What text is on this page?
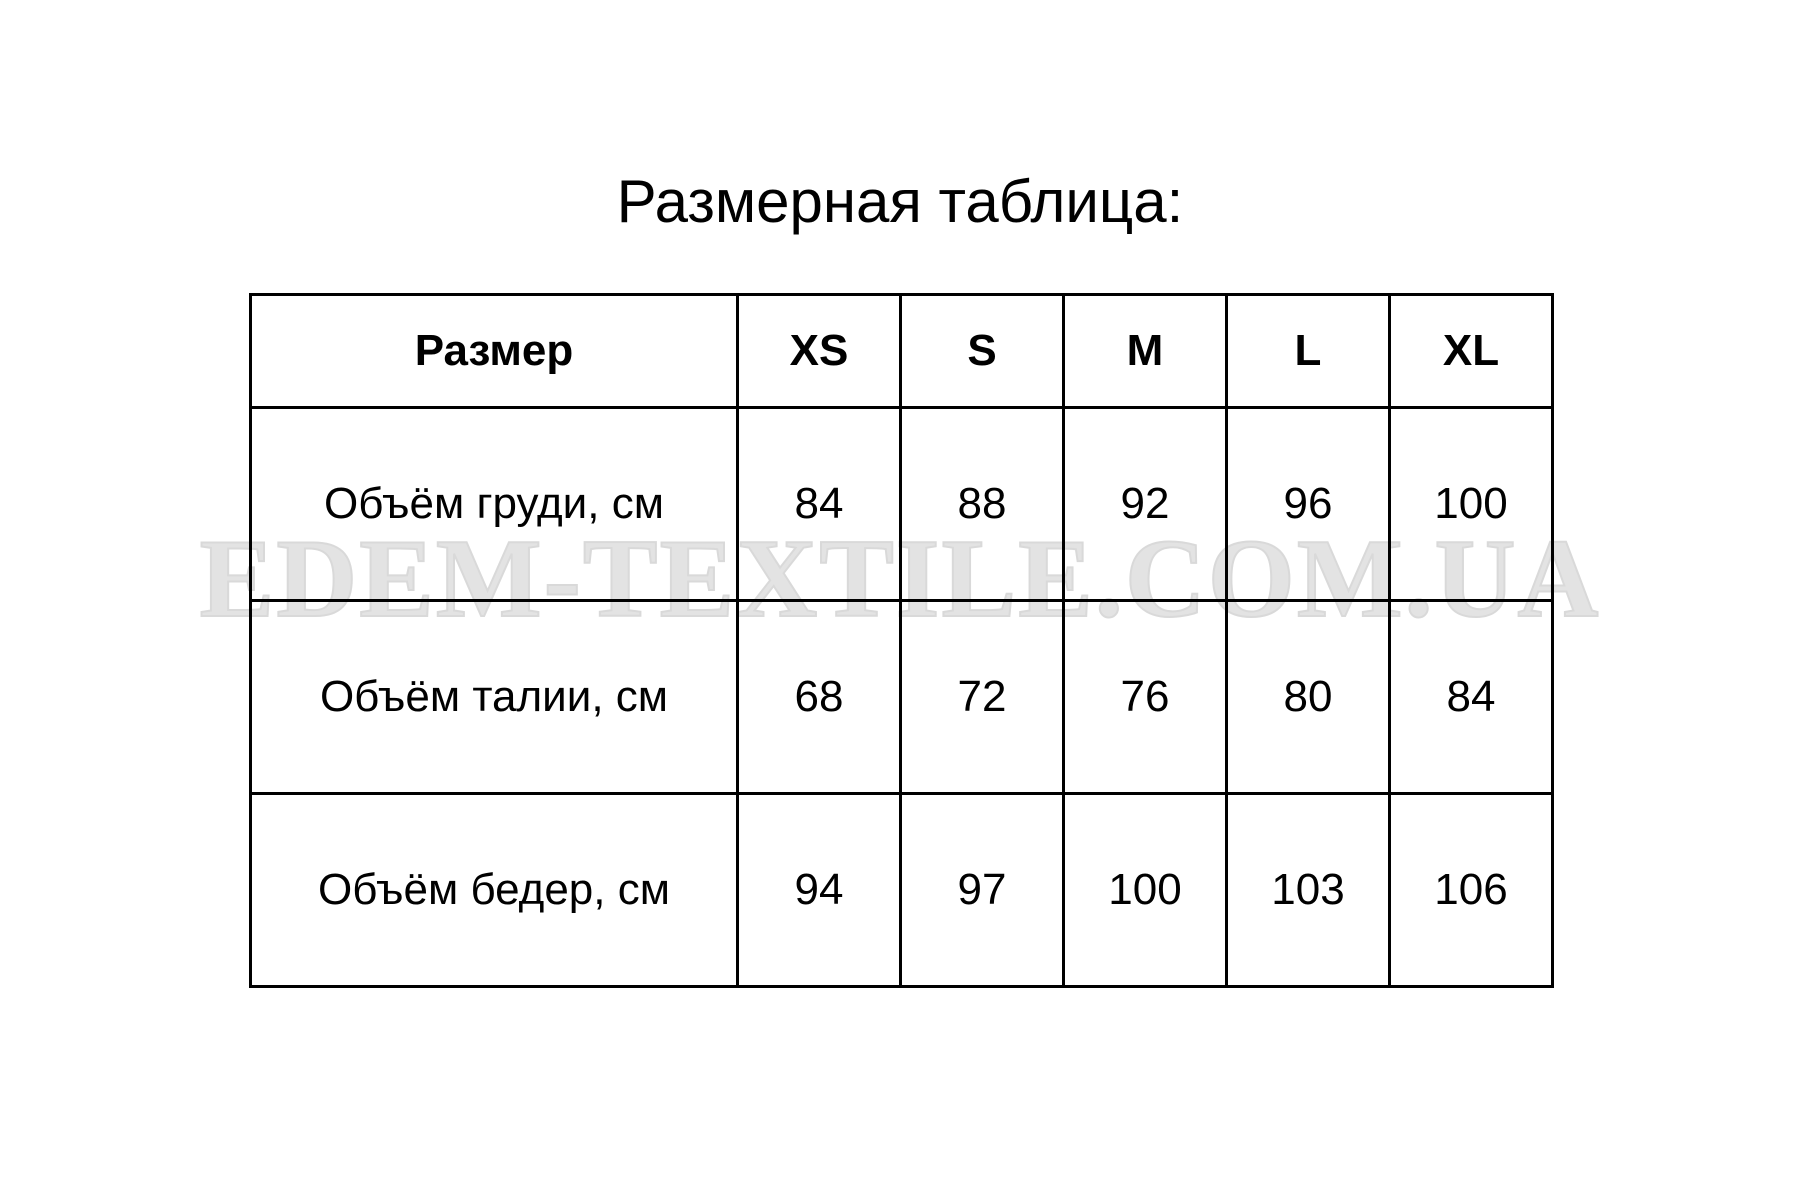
EDEM-TEXTILE.COM.UA
Размерная таблица:
Размер	XS	S	M	L	XL
Объём груди, см	84	88	92	96	100
Объём талии, см	68	72	76	80	84
Объём бедер, см	94	97	100	103	106
